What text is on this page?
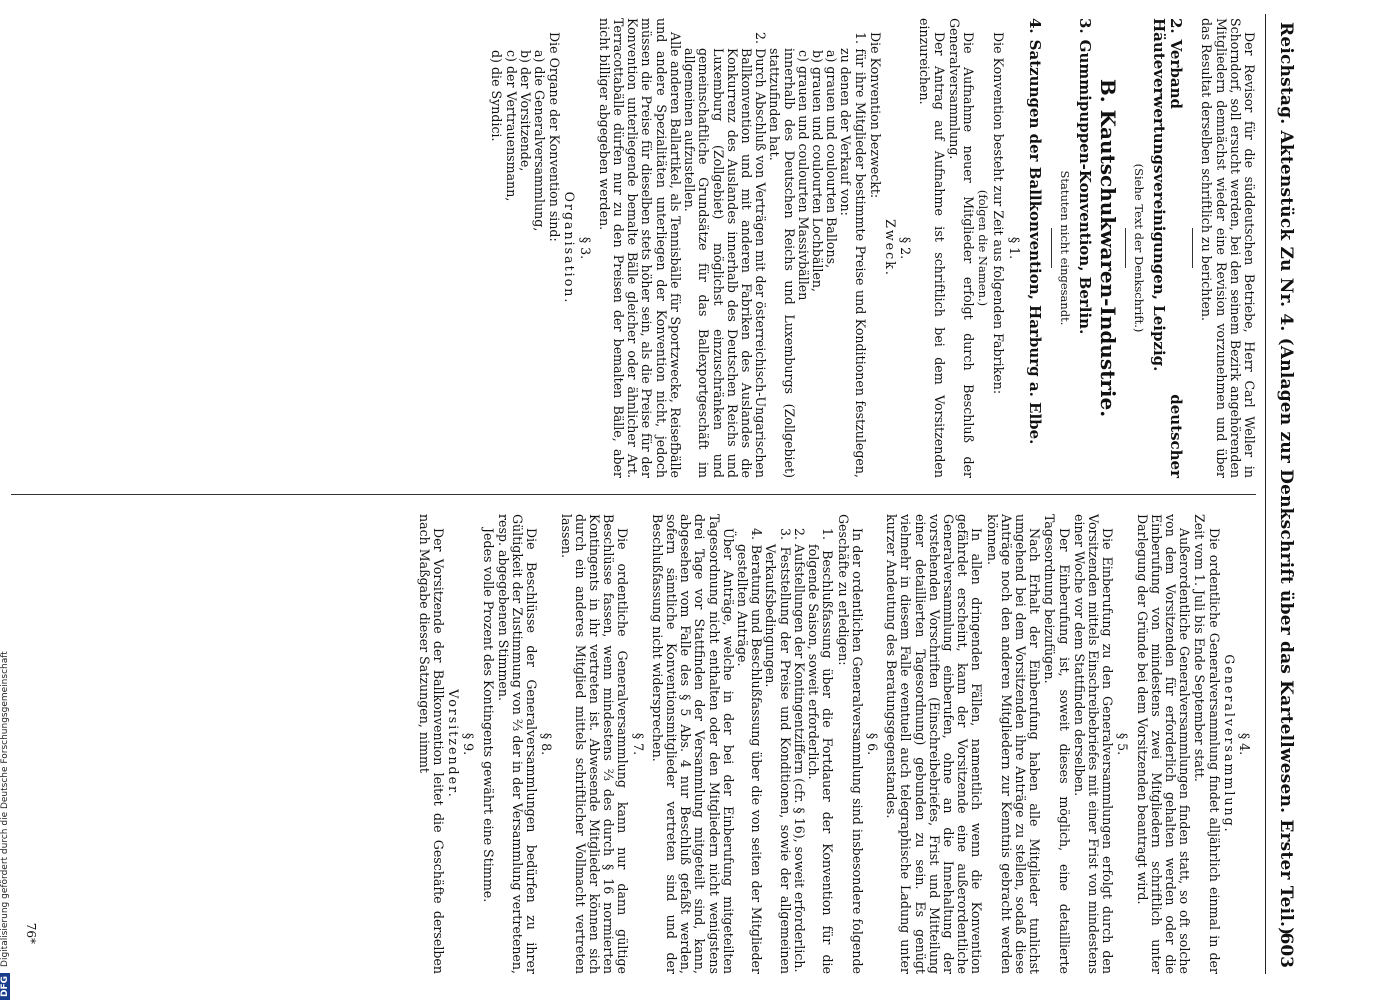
Reichstag. Aktenstück Zu Nr. 4. (Anlagen zur Denkschrift über das Kartellwesen. Erster Teil.)
603

Der Revisor für die süddeutschen Betriebe, Herr Carl Weller in Schorndorf, soll ersucht werden, bei den seinem Bezirk angehörenden Mitgliedern demnächst wieder eine Revision vorzunehmen und über das Resultat derselben schriftlich zu berichten.

2.Verband deutscher Häuteverwertungsvereinigungen, Leipzig.

(Siehe Text der Denkschrift.)

B. Kautschukwaren-Industrie.

3.Gummipuppen-Konvention, Berlin.

Statuten nicht eingesandt.

4.Satzungen der Ballkonvention, Harburg a. Elbe.

§ 1.

Die Konvention besteht zur Zeit aus folgenden Fabriken:

(folgen die Namen.)

Die Aufnahme neuer Mitglieder erfolgt durch Beschluß der Generalversammlung.

Der Antrag auf Aufnahme ist schriftlich bei dem Vorsitzenden einzureichen.

§ 2.

Zweck.

Die Konvention bezweckt:

1. für ihre Mitglieder bestimmte Preise und Konditionen festzulegen, zu denen der Verkauf von:

a) grauen und coulourten Ballons,

b) grauen und coulourten Lochbällen,

c) grauen und coulourten Massivbällen

innerhalb des Deutschen Reichs und Luxemburgs (Zollgebiet) stattzufinden hat.

2. Durch Abschluß von Verträgen mit der österreichisch-Ungarischen Ballkonvention und mit anderen Fabriken des Auslandes die Konkurrenz des Auslandes innerhalb des Deutschen Reichs und Luxemburg (Zollgebiet) möglichst einzuschränken und gemeinschaftliche Grundsätze für das Ballexportgeschäft im allgemeinen aufzustellen.

Alle anderen Ballartikel, als Tennisbälle für Sportzwecke, Reisefbälle und andere Spezialitäten unterliegen der Konvention nicht, jedoch müssen die Preise für dieselben stets höher sein, als die Preise für der Konvention unterliegende bemalte Bälle gleicher oder ähnlicher Art. Terracottabälle dürfen nur zu den Preisen der bemalten Bälle, aber nicht billiger abgegeben werden.

§ 3.

Organisation.

Die Organe der Konvention sind:

a) die Generalversammlung,

b) der Vorsitzende,

c) der Vertrauensmann,

d) die Syndici.

§ 4.

Generalversammlung.

Die ordentliche Generalversammlung findet alljährlich einmal in der Zeit vom 1. Juli bis Ende September statt.

Außerordentliche Generalversammlungen finden statt, so oft solche von dem Vorsitzenden für erforderlich gehalten werden oder die Einberufung von mindestens zwei Mitgliedern schriftlich unter Darlegung der Gründe bei dem Vorsitzenden beantragt wird.

§ 5.

Die Einberufung zu den Generalversammlungen erfolgt durch den Vorsitzenden mittels Einschreibebriefes mit einer Frist von mindestens einer Woche vor dem Stattfinden derselben.

Der Einberufung ist, soweit dieses möglich, eine detaillierte Tagesordnung beizufügen.

Nach Erhalt der Einberufung haben alle Mitglieder tunlichst umgehend bei dem Vorsitzenden ihre Anträge zu stellen, sodaß diese Anträge noch den anderen Mitgliedern zur Kenntnis gebracht werden können.

In allen dringenden Fällen, namentlich wenn die Konvention gefährdet erscheint, kann der Vorsitzende eine außerordentliche Generalversammlung einberufen, ohne an die Innehaltung der vorstehenden Vorschriften (Einschreibebriefes, Frist und Mitteilung einer detaillierten Tagesordnung) gebunden zu sein. Es genügt vielmehr in diesem Falle eventuell auch telegraphische Ladung unter kurzer Andeutung des Beratungsgegenstandes.

§ 6.

In der ordentlichen Generalversammlung sind insbesondere folgende Geschäfte zu erledigen:

1. Beschlußfassung über die Fortdauer der Konvention für die folgende Saison, soweit erforderlich.

2. Aufstellungen der Kontingentziffern (cfr. § 16), soweit erforderlich.

3. Feststellung der Preise und Konditionen, sowie der allgemeinen Verkaufsbedingungen.

4. Beratung und Beschlußfassung über die von seiten der Mitglieder gestellten Anträge.

Über Anträge, welche in der bei der Einberufung mitgeteilten Tagesordnung nicht enthalten oder den Mitgliedern nicht wenigstens drei Tage vor Stattfinden der Versammlung mitgeteilt sind, kann, abgesehen vom Falle des § 5 Abs. 4 nur Beschluß gefaßt werden, sofern sämtliche Konventionsmitglieder vertreten sind und der Beschlußfassung nicht widersprechen.

§ 7.

Die ordentliche Generalversammlung kann nur dann gültige Beschlüsse fassen, wenn mindestens ⅔ des durch § 16 normierten Kontingents in ihr vertreten ist. Abwesende Mitglieder können sich durch ein anderes Mitglied mittels schriftlicher Vollmacht vertreten lassen.

§ 8.

Die Beschlüsse der Generalversammlungen bedürfen zu ihrer Gültigkeit der Zustimmung von ⅔ der in der Versammlung vertretenen, resp. abgegebenen Stimmen.

Jedes volle Prozent des Kontingents gewährt eine Stimme.

§ 9.

Vorsitzender.

Der Vorsitzende der Ballkonvention leitet die Geschäfte derselben nach Maßgabe dieser Satzungen, nimmt

76*
DFGDigitalisierung gefördert durch die Deutsche Forschungsgemeinschaft
